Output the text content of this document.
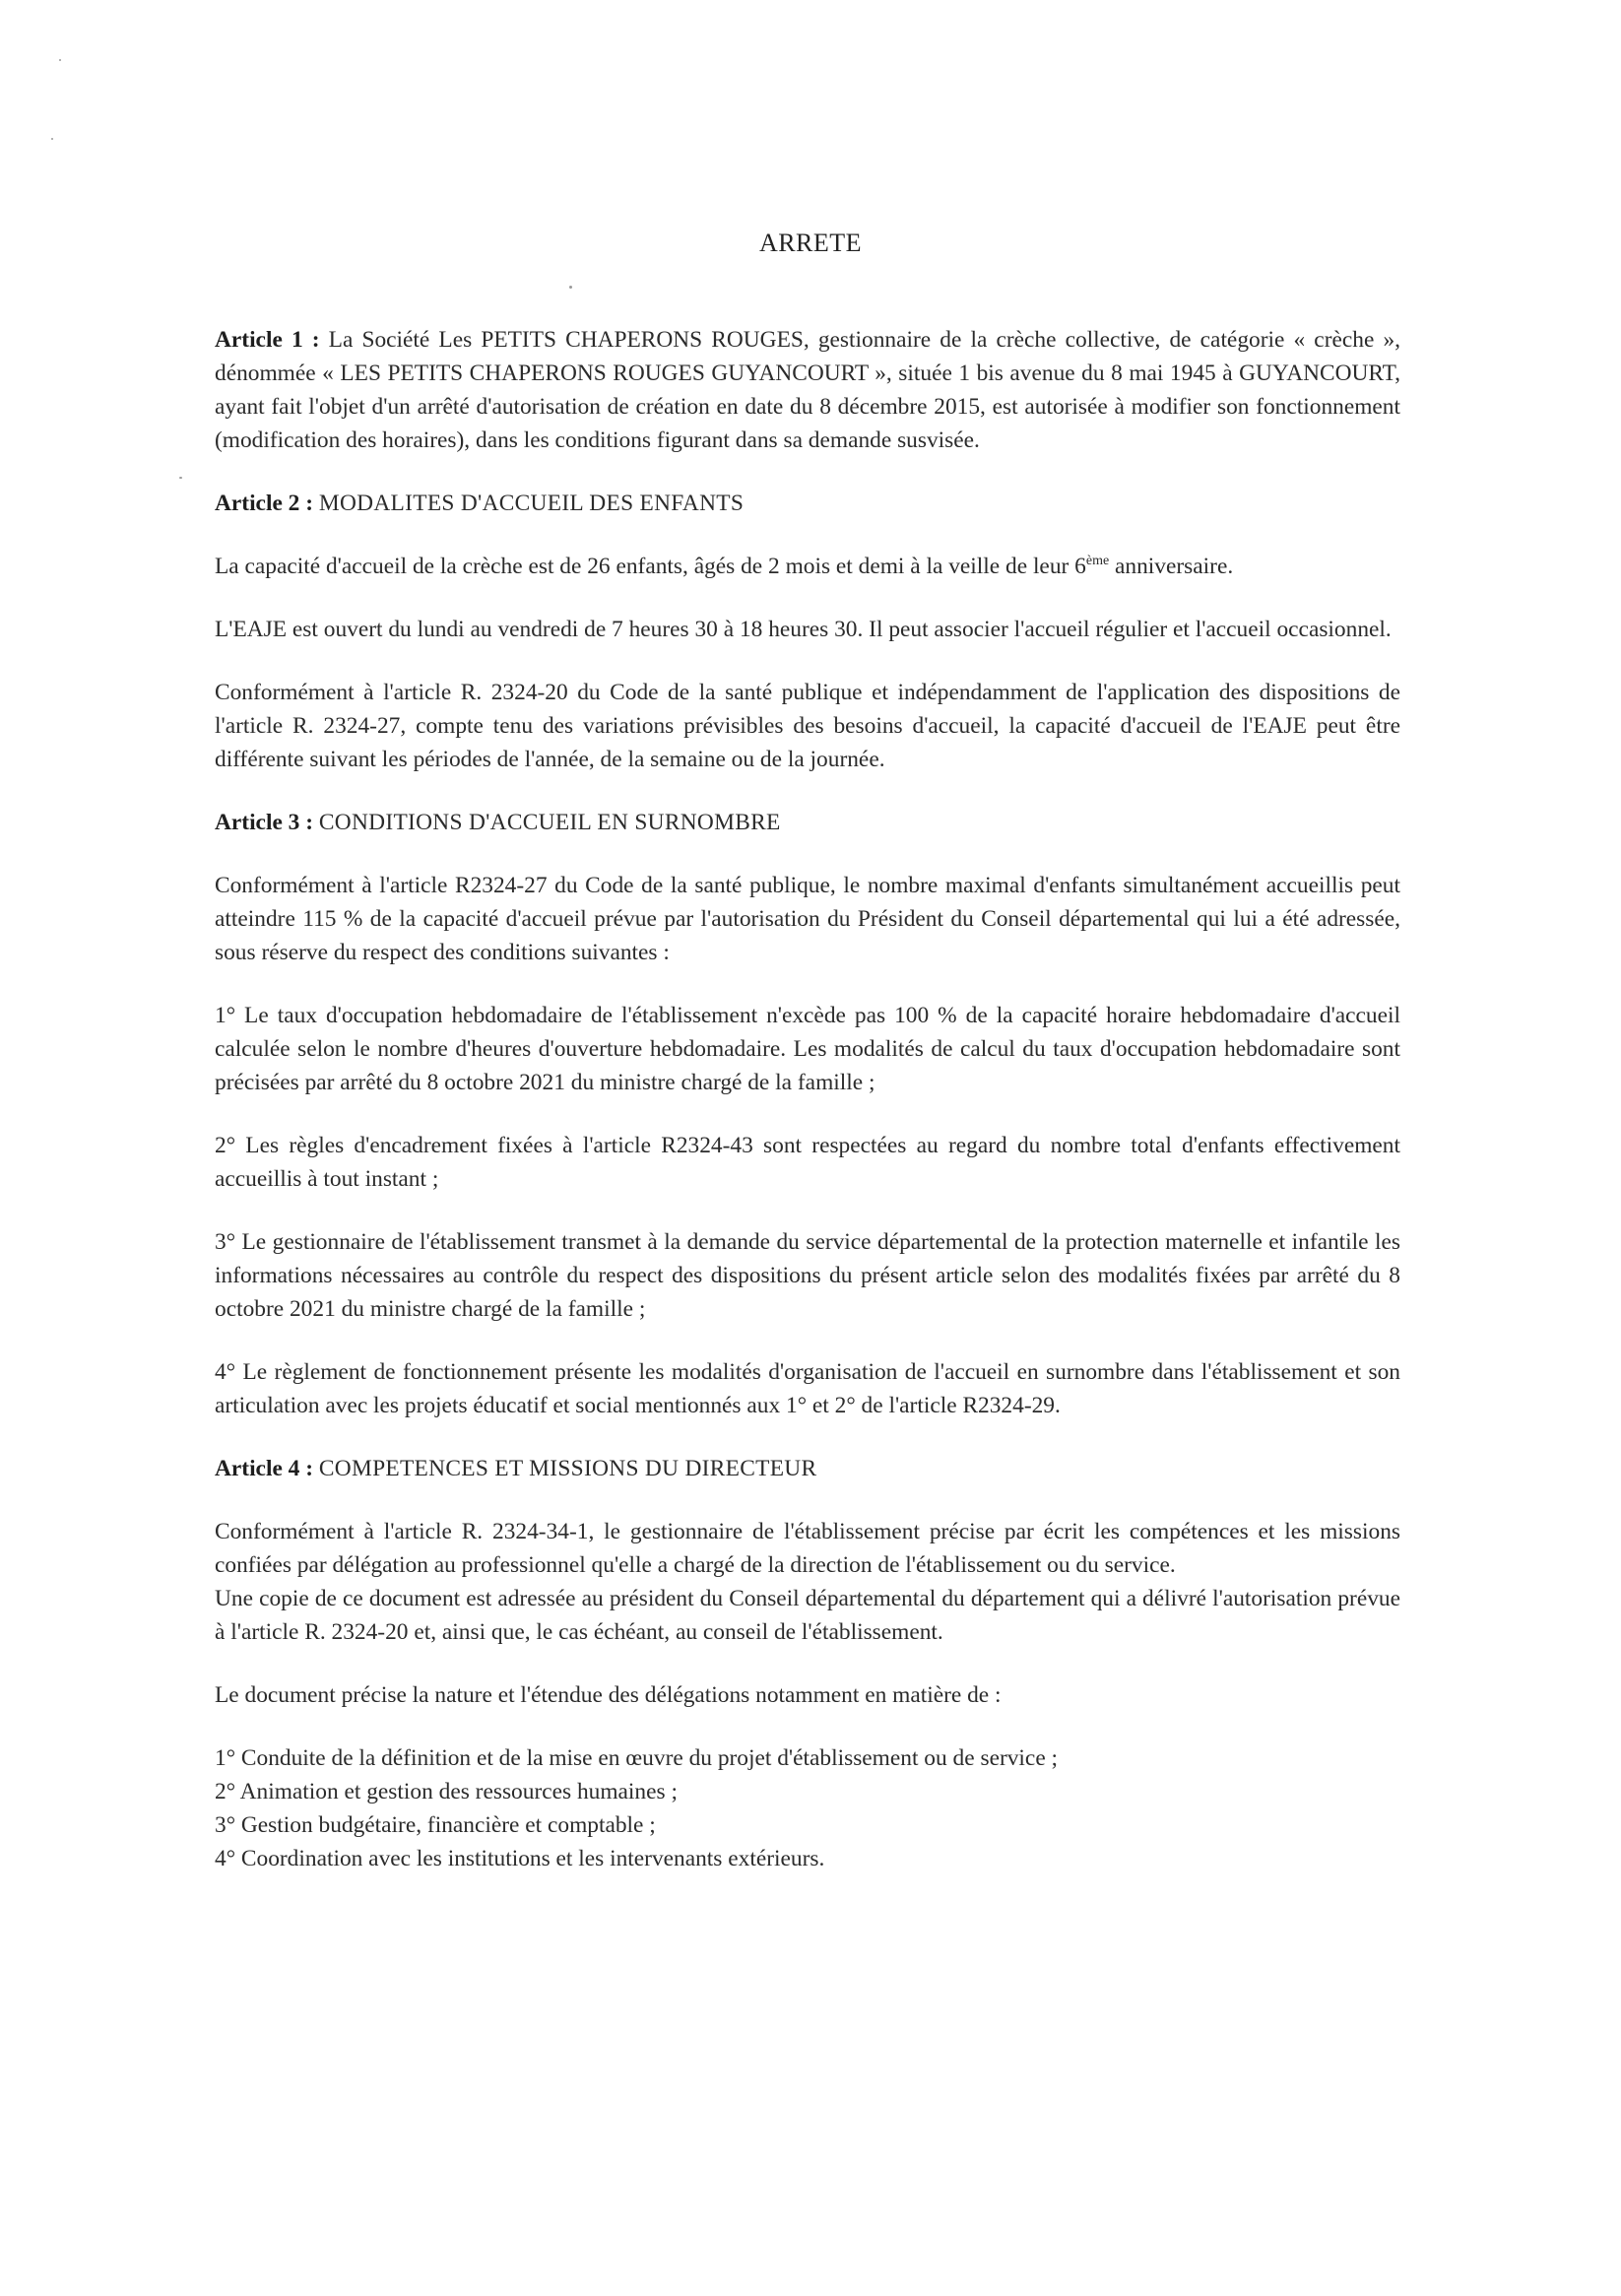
ARRETE

Article 1 : La Société Les PETITS CHAPERONS ROUGES, gestionnaire de la crèche collective, de catégorie « crèche », dénommée « LES PETITS CHAPERONS ROUGES GUYANCOURT », située 1 bis avenue du 8 mai 1945 à GUYANCOURT, ayant fait l'objet d'un arrêté d'autorisation de création en date du 8 décembre 2015, est autorisée à modifier son fonctionnement (modification des horaires), dans les conditions figurant dans sa demande susvisée.

Article 2 : MODALITES D'ACCUEIL DES ENFANTS

La capacité d'accueil de la crèche est de 26 enfants, âgés de 2 mois et demi à la veille de leur 6ème anniversaire.

L'EAJE est ouvert du lundi au vendredi de 7 heures 30 à 18 heures 30. Il peut associer l'accueil régulier et l'accueil occasionnel.

Conformément à l'article R. 2324-20 du Code de la santé publique et indépendamment de l'application des dispositions de l'article R. 2324-27, compte tenu des variations prévisibles des besoins d'accueil, la capacité d'accueil de l'EAJE peut être différente suivant les périodes de l'année, de la semaine ou de la journée.

Article 3 : CONDITIONS D'ACCUEIL EN SURNOMBRE

Conformément à l'article R2324-27 du Code de la santé publique, le nombre maximal d'enfants simultanément accueillis peut atteindre 115 % de la capacité d'accueil prévue par l'autorisation du Président du Conseil départemental qui lui a été adressée, sous réserve du respect des conditions suivantes :

1° Le taux d'occupation hebdomadaire de l'établissement n'excède pas 100 % de la capacité horaire hebdomadaire d'accueil calculée selon le nombre d'heures d'ouverture hebdomadaire. Les modalités de calcul du taux d'occupation hebdomadaire sont précisées par arrêté du 8 octobre 2021 du ministre chargé de la famille ;

2° Les règles d'encadrement fixées à l'article R2324-43 sont respectées au regard du nombre total d'enfants effectivement accueillis à tout instant ;

3° Le gestionnaire de l'établissement transmet à la demande du service départemental de la protection maternelle et infantile les informations nécessaires au contrôle du respect des dispositions du présent article selon des modalités fixées par arrêté du 8 octobre 2021 du ministre chargé de la famille ;

4° Le règlement de fonctionnement présente les modalités d'organisation de l'accueil en surnombre dans l'établissement et son articulation avec les projets éducatif et social mentionnés aux 1° et 2° de l'article R2324-29.

Article 4 : COMPETENCES ET MISSIONS DU DIRECTEUR

Conformément à l'article R. 2324-34-1, le gestionnaire de l'établissement précise par écrit les compétences et les missions confiées par délégation au professionnel qu'elle a chargé de la direction de l'établissement ou du service.

Une copie de ce document est adressée au président du Conseil départemental du département qui a délivré l'autorisation prévue à l'article R. 2324-20 et, ainsi que, le cas échéant, au conseil de l'établissement.

Le document précise la nature et l'étendue des délégations notamment en matière de :

1° Conduite de la définition et de la mise en œuvre du projet d'établissement ou de service ;
2° Animation et gestion des ressources humaines ;
3° Gestion budgétaire, financière et comptable ;
4° Coordination avec les institutions et les intervenants extérieurs.
